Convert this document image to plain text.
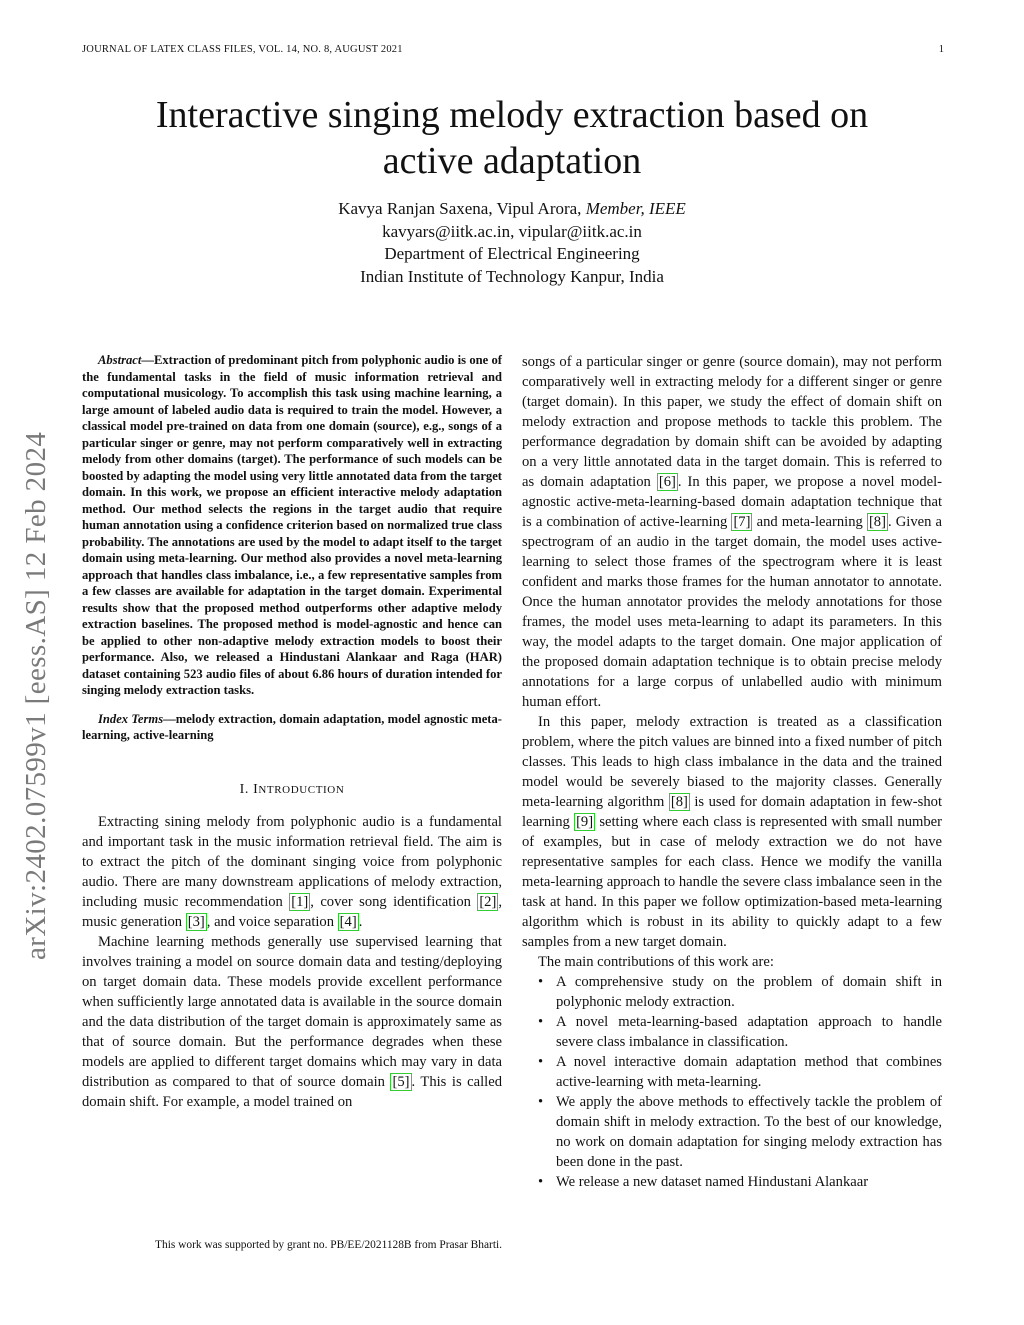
JOURNAL OF LATEX CLASS FILES, VOL. 14, NO. 8, AUGUST 2021	1
Interactive singing melody extraction based on
active adaptation
Kavya Ranjan Saxena, Vipul Arora, Member, IEEE
kavyars@iitk.ac.in, vipular@iitk.ac.in
Department of Electrical Engineering
Indian Institute of Technology Kanpur, India
arXiv:2402.07599v1 [eess.AS] 12 Feb 2024

Abstract—Extraction of predominant pitch from polyphonic audio is one of the fundamental tasks in the field of music information retrieval and computational musicology. To accomplish this task using machine learning, a large amount of labeled audio data is required to train the model. However, a classical model pre-trained on data from one domain (source), e.g., songs of a particular singer or genre, may not perform comparatively well in extracting melody from other domains (target). The performance of such models can be boosted by adapting the model using very little annotated data from the target domain. In this work, we propose an efficient interactive melody adaptation method. Our method selects the regions in the target audio that require human annotation using a confidence criterion based on normalized true class probability. The annotations are used by the model to adapt itself to the target domain using meta-learning. Our method also provides a novel meta-learning approach that handles class imbalance, i.e., a few representative samples from a few classes are available for adaptation in the target domain. Experimental results show that the proposed method outperforms other adaptive melody extraction baselines. The proposed method is model-agnostic and hence can be applied to other non-adaptive melody extraction models to boost their performance. Also, we released a Hindustani Alankaar and Raga (HAR) dataset containing 523 audio files of about 6.86 hours of duration intended for singing melody extraction tasks.

Index Terms—melody extraction, domain adaptation, model agnostic meta-learning, active-learning

I. INTRODUCTION

Extracting sining melody from polyphonic audio is a fundamental and important task in the music information retrieval field. The aim is to extract the pitch of the dominant singing voice from polyphonic audio. There are many downstream applications of melody extraction, including music recommendation [1] , cover song identification [2] , music generation [3] , and voice separation [4] .

Machine learning methods generally use supervised learning that involves training a model on source domain data and testing/deploying on target domain data. These models provide excellent performance when sufficiently large annotated data is available in the source domain and the data distribution of the target domain is approximately same as that of source domain. But the performance degrades when these models are applied to different target domains which may vary in data distribution as compared to that of source domain [5] . This is called domain shift. For example, a model trained on

This work was supported by grant no. PB/EE/2021128B from Prasar Bharti.

songs of a particular singer or genre (source domain), may not perform comparatively well in extracting melody for a different singer or genre (target domain). In this paper, we study the effect of domain shift on melody extraction and propose methods to tackle this problem. The performance degradation by domain shift can be avoided by adapting on a very little annotated data in the target domain. This is referred to as domain adaptation [6] . In this paper, we propose a novel model-agnostic active-meta-learning-based domain adaptation technique that is a combination of active-learning [7] and meta-learning [8] . Given a spectrogram of an audio in the target domain, the model uses active-learning to select those frames of the spectrogram where it is least confident and marks those frames for the human annotator to annotate. Once the human annotator provides the melody annotations for those frames, the model uses meta-learning to adapt its parameters. In this way, the model adapts to the target domain. One major application of the proposed domain adaptation technique is to obtain precise melody annotations for a large corpus of unlabelled audio with minimum human effort.

In this paper, melody extraction is treated as a classification problem, where the pitch values are binned into a fixed number of pitch classes. This leads to high class imbalance in the data and the trained model would be severely biased to the majority classes. Generally meta-learning algorithm [8] is used for domain adaptation in few-shot learning [9] setting where each class is represented with small number of examples, but in case of melody extraction we do not have representative samples for each class. Hence we modify the vanilla meta-learning approach to handle the severe class imbalance seen in the task at hand. In this paper we follow optimization-based meta-learning algorithm which is robust in its ability to quickly adapt to a few samples from a new target domain.

The main contributions of this work are:

• A comprehensive study on the problem of domain shift in polyphonic melody extraction.
• A novel meta-learning-based adaptation approach to handle severe class imbalance in classification.
• A novel interactive domain adaptation method that combines active-learning with meta-learning.
• We apply the above methods to effectively tackle the problem of domain shift in melody extraction. To the best of our knowledge, no work on domain adaptation for singing melody extraction has been done in the past.
• We release a new dataset named Hindustani Alankaar
